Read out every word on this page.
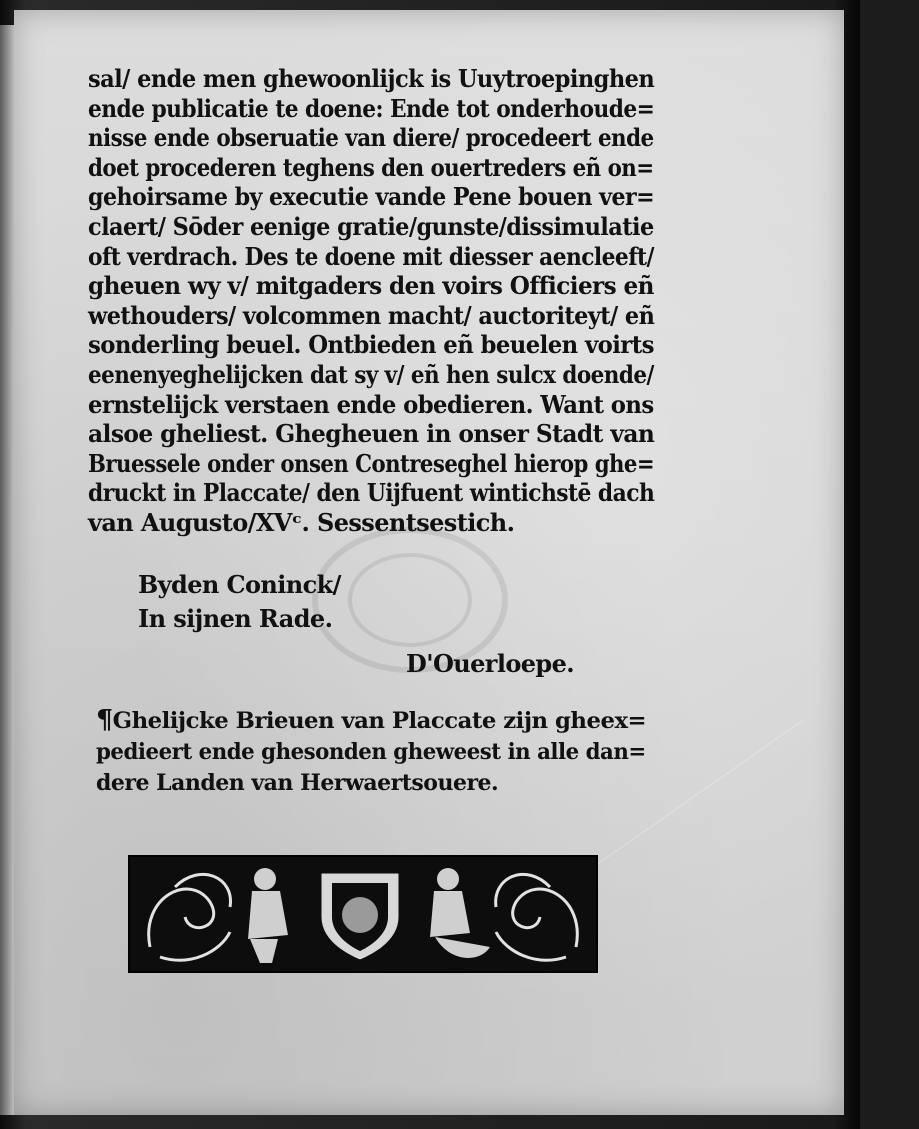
sal/ ende men ghewoonlijck is Uuytroepinghen
ende publicatie te doene: Ende tot onderhoude=
nisse ende obseruatie van diere/ procedeert ende
doet procederen teghens den ouertreders eñ on=
gehoirsame by executie vande Pene bouen ver=
claert/ Sōder eenige gratie/gunste/dissimulatie
oft verdrach. Des te doene mit diesser aencleeft/
gheuen wy v/ mitgaders den voirs Officiers eñ
wethouders/ volcommen macht/ auctoriteyt/ eñ
sonderling beuel. Ontbieden eñ beuelen voirts
eenenyeghelijcken dat sy v/ eñ hen sulcx doende/
ernstelijck verstaen ende obedieren. Want ons
alsoe gheliest. Ghegheuen in onser Stadt van
Bruessele onder onsen Contreseghel hierop ghe=
druckt in Placcate/ den Uijfuent wintichstē dach
van Augusto/XVᶜ. Sessentsestich.
Byden Coninck/
In sijnen Rade.
D'Ouerloepe.
¶Ghelijcke Brieuen van Placcate zijn gheex=
pedieert ende ghesonden gheweest in alle dan=
dere Landen van Herwaertsouere.
